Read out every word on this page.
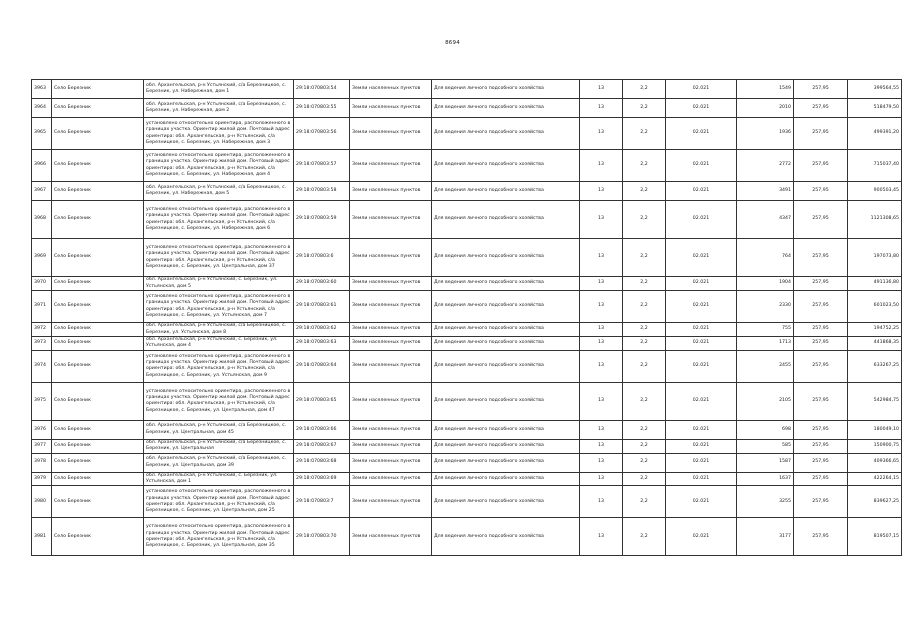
8694
3963	Село Березник	обл. Архангельская, р-н Устьянский, с/а Березницкое, с. Березник, ул. Набережная, дом 1	29:18:070803:54	Земли населенных пунктов	Для ведения личного подсобного хозяйства	13	2,2	02.021	1549	257,95	399564,55
3964	Село Березник	обл. Архангельская, р-н Устьянский, с/а Березницкое, с. Березник, ул. Набережная, дом 2	29:18:070803:55	Земли населенных пунктов	Для ведения личного подсобного хозяйства	13	2,2	02.021	2010	257,95	518479,50
3965	Село Березник	установлено относительно ориентира, расположенного в границах участка. Ориентир жилой дом. Почтовый адрес ориентира: обл. Архангельская, р-н Устьянский, с/а Березницкое, с. Березник, ул. Набережная, дом 3	29:18:070803:56	Земли населенных пунктов	Для ведения личного подсобного хозяйства	13	2,2	02.021	1936	257,95	499391,20
3966	Село Березник	установлено относительно ориентира, расположенного в границах участка. Ориентир жилой дом. Почтовый адрес ориентира: обл. Архангельская, р-н Устьянский, с/а Березницкое, с. Березник, ул. Набережная, дом 4	29:18:070803:57	Земли населенных пунктов	Для ведения личного подсобного хозяйства	13	2,2	02.021	2772	257,95	715037,40
3967	Село Березник	обл. Архангельская, р-н Устьянский, с/а Березницкое, с. Березник, ул. Набережная, дом 5	29:18:070803:58	Земли населенных пунктов	Для ведения личного подсобного хозяйства	13	2,2	02.021	3491	257,95	900503,45
3968	Село Березник	установлено относительно ориентира, расположенного в границах участка. Ориентир жилой дом. Почтовый адрес ориентира: обл. Архангельская, р-н Устьянский, с/а Березницкое, с. Березник, ул. Набережная, дом 6	29:18:070803:59	Земли населенных пунктов	Для ведения личного подсобного хозяйства	13	2,2	02.021	4347	257,95	1121308,65
3969	Село Березник	установлено относительно ориентира, расположенного в границах участка. Ориентир жилой дом. Почтовый адрес ориентира: обл. Архангельская, р-н Устьянский, с/а Березницкое, с. Березник, ул. Центральная, дом 37	29:18:070803:6	Земли населенных пунктов	Для ведения личного подсобного хозяйства	13	2,2	02.021	764	257,95	197073,80
3970	Село Березник	обл. Архангельская, р-н Устьянский, с. Березник, ул. Устьянская, дом 5	29:18:070803:60	Земли населенных пунктов	Для ведения личного подсобного хозяйства	13	2,2	02.021	1904	257,95	491136,80
3971	Село Березник	установлено относительно ориентира, расположенного в границах участка. Ориентир жилой дом. Почтовый адрес ориентира: обл. Архангельская, р-н Устьянский, с/а Березницкое, с. Березник, ул. Устьянская, дом 7	29:18:070803:61	Земли населенных пунктов	Для ведения личного подсобного хозяйства	13	2,2	02.021	2330	257,95	601023,50
3972	Село Березник	обл. Архангельская, р-н Устьянский, с/а Березницкое, с. Березник, ул. Устьянская, дом 8	29:18:070803:62	Земли населенных пунктов	Для ведения личного подсобного хозяйства	13	2,2	02.021	755	257,95	194752,25
3973	Село Березник	обл. Архангельская, р-н Устьянский, с. Березник, ул. Устьянская, дом 4	29:18:070803:63	Земли населенных пунктов	Для ведения личного подсобного хозяйства	13	2,2	02.021	1713	257,95	441868,35
3974	Село Березник	установлено относительно ориентира, расположенного в границах участка. Ориентир жилой дом. Почтовый адрес ориентира: обл. Архангельская, р-н Устьянский, с/а Березницкое, с. Березник, ул. Устьянская, дом 9	29:18:070803:64	Земли населенных пунктов	Для ведения личного подсобного хозяйства	13	2,2	02.021	2455	257,95	633267,25
3975	Село Березник	установлено относительно ориентира, расположенного в границах участка. Ориентир жилой дом. Почтовый адрес ориентира: обл. Архангельская, р-н Устьянский, с/а Березницкое, с. Березник, ул. Центральная, дом 47	29:18:070803:65	Земли населенных пунктов	Для ведения личного подсобного хозяйства	13	2,2	02.021	2105	257,95	542984,75
3976	Село Березник	обл. Архангельская, р-н Устьянский, с/а Березницкое, с. Березник, ул. Центральная, дом 45	29:18:070803:66	Земли населенных пунктов	Для ведения личного подсобного хозяйства	13	2,2	02.021	698	257,95	180049,10
3977	Село Березник	обл. Архангельская, р-н Устьянский, с/а Березницкое, с. Березник, ул. Центральная	29:18:070803:67	Земли населенных пунктов	Для ведения личного подсобного хозяйства	13	2,2	02.021	585	257,95	150900,75
3978	Село Березник	обл. Архангельская, р-н Устьянский, с/а Березницкое, с. Березник, ул. Центральная, дом 39	29:18:070803:68	Земли населенных пунктов	Для ведения личного подсобного хозяйства	13	2,2	02.021	1587	257,95	409366,65
3979	Село Березник	обл. Архангельская, р-н Устьянский, с. Березник, ул. Устьянская, дом 1	29:18:070803:69	Земли населенных пунктов	Для ведения личного подсобного хозяйства	13	2,2	02.021	1637	257,95	422264,15
3980	Село Березник	установлено относительно ориентира, расположенного в границах участка. Ориентир жилой дом. Почтовый адрес ориентира: обл. Архангельская, р-н Устьянский, с/а Березницкое, с. Березник, ул. Центральная, дом 25	29:18:070803:7	Земли населенных пунктов	Для ведения личного подсобного хозяйства	13	2,2	02.021	3255	257,95	839627,25
3981	Село Березник	установлено относительно ориентира, расположенного в границах участка. Ориентир жилой дом. Почтовый адрес ориентира: обл. Архангельская, р-н Устьянский, с/а Березницкое, с. Березник, ул. Центральная, дом 35	29:18:070803:70	Земли населенных пунктов	Для ведения личного подсобного хозяйства	13	2,2	02.021	3177	257,95	819507,15
